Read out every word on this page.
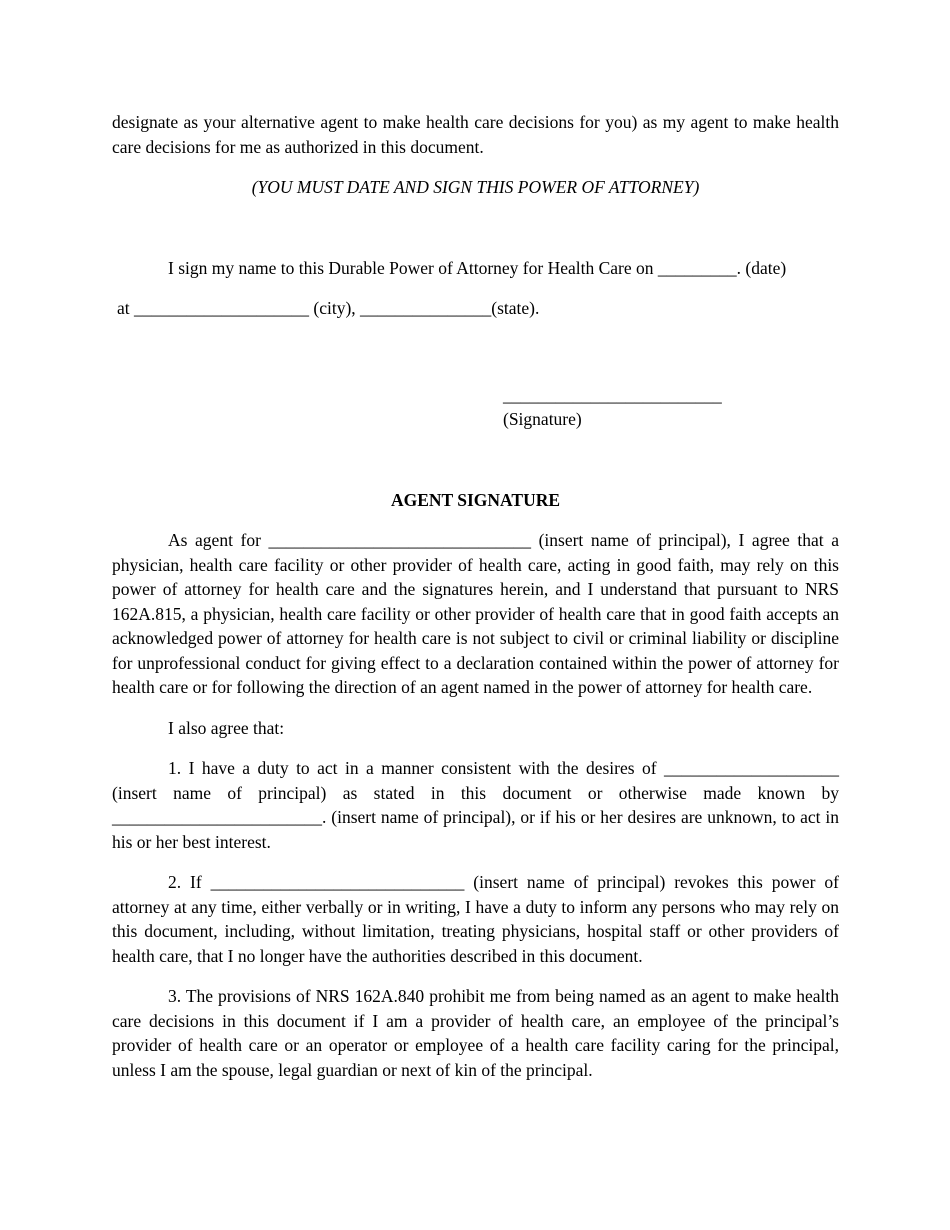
designate as your alternative agent to make health care decisions for you) as my agent to make health care decisions for me as authorized in this document.

(YOU MUST DATE AND SIGN THIS POWER OF ATTORNEY)

I sign my name to this Durable Power of Attorney for Health Care on _________. (date)

at ____________________ (city), _______________(state).

_________________________
(Signature)

AGENT SIGNATURE

As agent for ______________________________ (insert name of principal), I agree that a physician, health care facility or other provider of health care, acting in good faith, may rely on this power of attorney for health care and the signatures herein, and I understand that pursuant to NRS 162A.815, a physician, health care facility or other provider of health care that in good faith accepts an acknowledged power of attorney for health care is not subject to civil or criminal liability or discipline for unprofessional conduct for giving effect to a declaration contained within the power of attorney for health care or for following the direction of an agent named in the power of attorney for health care.

I also agree that:

1. I have a duty to act in a manner consistent with the desires of ____________________ (insert name of principal) as stated in this document or otherwise made known by ________________________. (insert name of principal), or if his or her desires are unknown, to act in his or her best interest.

2. If _____________________________ (insert name of principal) revokes this power of attorney at any time, either verbally or in writing, I have a duty to inform any persons who may rely on this document, including, without limitation, treating physicians, hospital staff or other providers of health care, that I no longer have the authorities described in this document.

3. The provisions of NRS 162A.840 prohibit me from being named as an agent to make health care decisions in this document if I am a provider of health care, an employee of the principal’s provider of health care or an operator or employee of a health care facility caring for the principal, unless I am the spouse, legal guardian or next of kin of the principal.
